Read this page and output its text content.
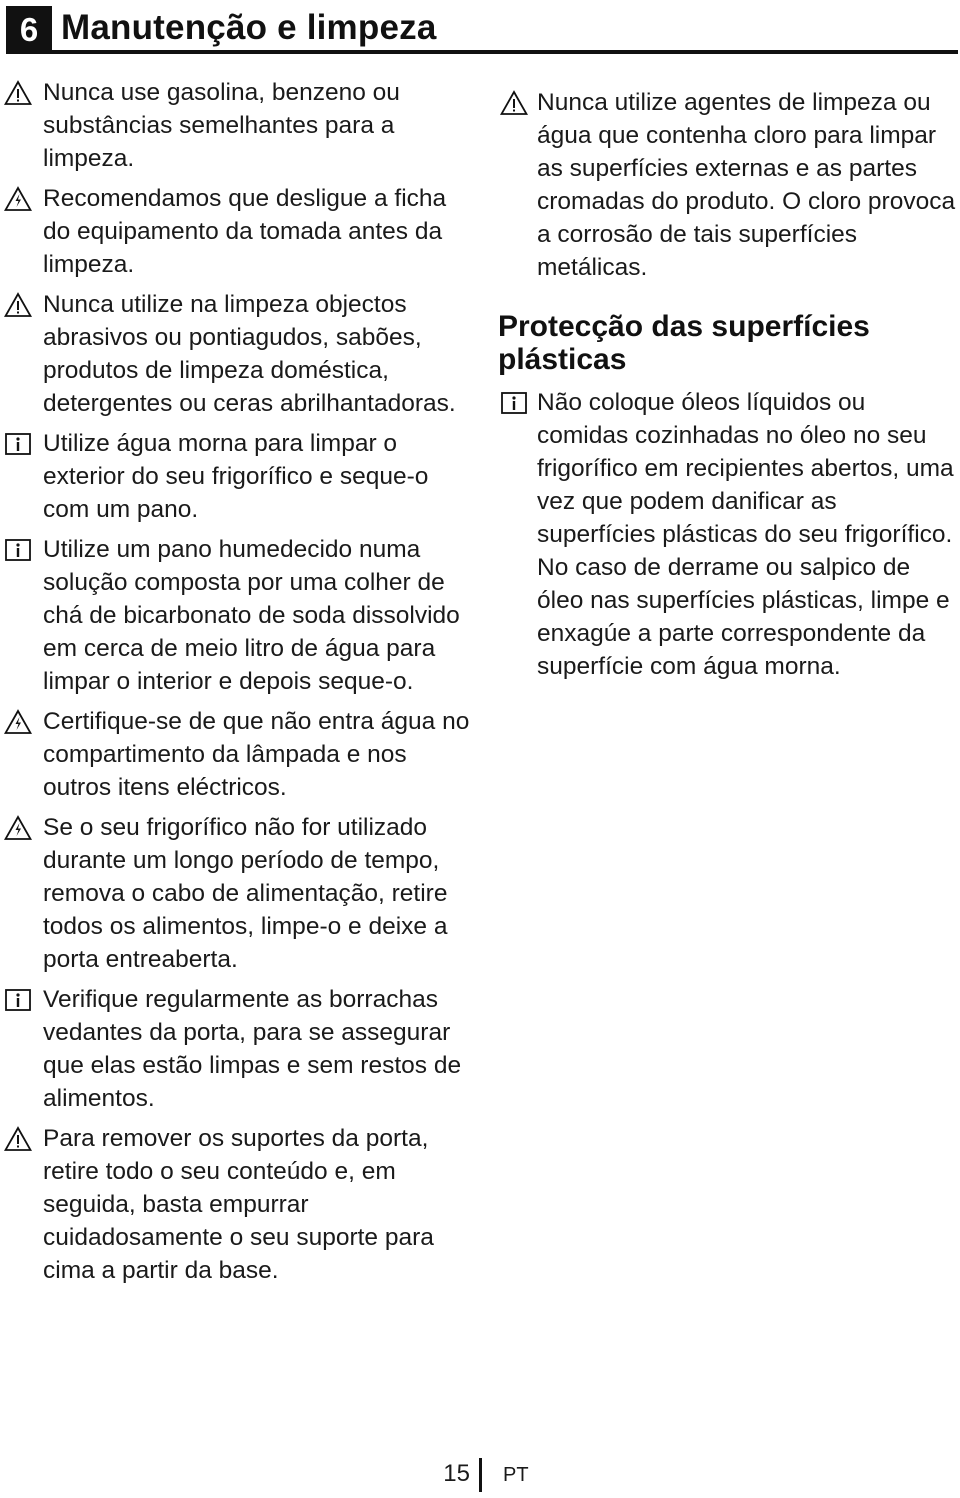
6 Manutenção e limpeza
Nunca use gasolina, benzeno ou substâncias semelhantes para a limpeza.
Recomendamos que desligue a ficha do equipamento da tomada antes da limpeza.
Nunca utilize na limpeza objectos abrasivos ou pontiagudos, sabões, produtos de limpeza doméstica, detergentes ou ceras abrilhantadoras.
Utilize água morna para limpar o exterior do seu frigorífico e seque-o com um pano.
Utilize um pano humedecido numa solução composta por uma colher de chá de bicarbonato de soda dissolvido em cerca de meio litro de água para limpar o interior e depois seque-o.
Certifique-se de que não entra água no compartimento da lâmpada e nos outros itens eléctricos.
Se o seu frigorífico não for utilizado durante um longo período de tempo, remova o cabo de alimentação, retire todos os alimentos, limpe-o e deixe a porta entreaberta.
Verifique regularmente as borrachas vedantes da porta, para se assegurar que elas estão limpas e sem restos de alimentos.
Para remover os suportes da porta, retire todo o seu conteúdo e, em seguida, basta empurrar cuidadosamente o seu suporte para cima a partir da base.
Nunca utilize agentes de limpeza ou água que contenha cloro para limpar as superfícies externas e as partes cromadas do produto. O cloro provoca a corrosão de tais superfícies metálicas.
Protecção das superfícies plásticas
Não coloque óleos líquidos ou comidas cozinhadas no óleo no seu frigorífico em recipientes abertos, uma vez que podem danificar as superfícies plásticas do seu frigorífico. No caso de derrame ou salpico de óleo nas superfícies plásticas, limpe e enxagúe a parte correspondente da superfície com água morna.
15 PT
